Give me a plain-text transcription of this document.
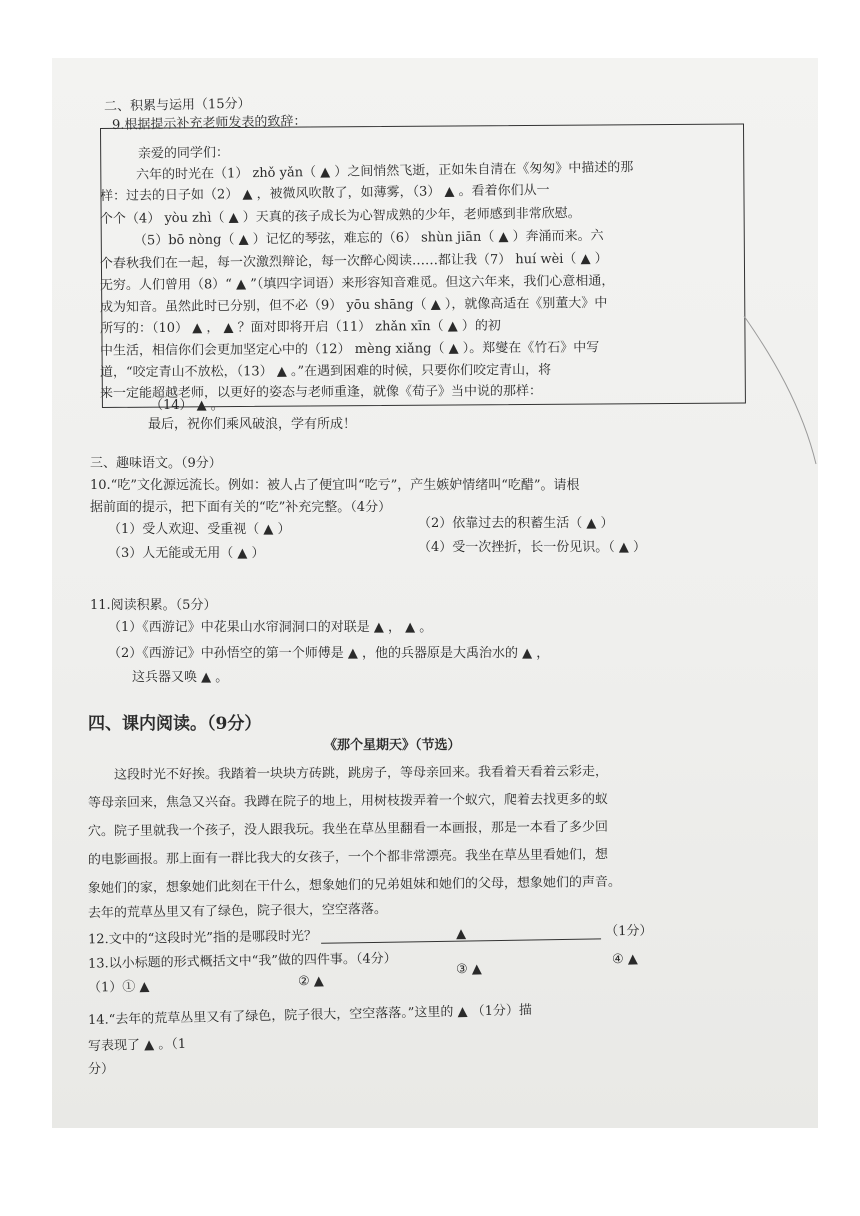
二、积累与运用（15分）
9.根据提示补充老师发表的致辞：
亲爱的同学们：
六年的时光在（1） zhǒ yǎn（ ▲ ）之间悄然飞逝，正如朱自清在《匆匆》中描述的那
样：过去的日子如（2） ▲ ，被微风吹散了，如薄雾，（3） ▲ 。看着你们从一
个个（4） yòu zhì（ ▲ ）天真的孩子成长为心智成熟的少年，老师感到非常欣慰。
（5）bō nòng（ ▲ ）记忆的琴弦，难忘的（6） shùn jiān（ ▲ ）奔涌而来。六
个春秋我们在一起，每一次激烈辩论，每一次醉心阅读……都让我（7） huí wèi（ ▲ ）
无穷。人们曾用（8）“ ▲ ”（填四字词语）来形容知音难觅。但这六年来，我们心意相通，
成为知音。虽然此时已分别，但不必（9） yōu shāng（ ▲ ），就像高适在《别董大》中
所写的：（10） ▲ ， ▲ ？面对即将开启（11） zhǎn xīn（ ▲ ）的初
中生活，相信你们会更加坚定心中的（12） mèng xiǎng（ ▲ ）。郑燮在《竹石》中写
道，“咬定青山不放松，（13） ▲ 。”在遇到困难的时候，只要你们咬定青山，将
来一定能超越老师，以更好的姿态与老师重逢，就像《荀子》当中说的那样：
（14） ▲ 。
最后，祝你们乘风破浪，学有所成！
三、趣味语文。（9分）
10.“吃”文化源远流长。例如：被人占了便宜叫“吃亏”，产生嫉妒情绪叫“吃醋”。请根
据前面的提示，把下面有关的“吃”补充完整。（4分）
（1）受人欢迎、受重视（ ▲ ）	（2）依靠过去的积蓄生活（ ▲ ）
（3）人无能或无用（ ▲ ）	（4）受一次挫折，长一份见识。（ ▲ ）
11.阅读积累。（5分）
（1）《西游记》中花果山水帘洞洞口的对联是 ▲ ， ▲ 。
（2）《西游记》中孙悟空的第一个师傅是 ▲ ，他的兵器原是大禹治水的 ▲ ，
这兵器又唤 ▲ 。
四、课内阅读。（9分）
《那个星期天》（节选）
这段时光不好挨。我踏着一块块方砖跳，跳房子，等母亲回来。我看着天看着云彩走，
等母亲回来，焦急又兴奋。我蹲在院子的地上，用树枝拨弄着一个蚁穴，爬着去找更多的蚁
穴。院子里就我一个孩子，没人跟我玩。我坐在草丛里翻看一本画报，那是一本看了多少回
的电影画报。那上面有一群比我大的女孩子，一个个都非常漂亮。我坐在草丛里看她们，想
象她们的家，想象她们此刻在干什么，想象她们的兄弟姐妹和她们的父母，想象她们的声音。
去年的荒草丛里又有了绿色，院子很大，空空落落。
12.文中的“这段时光”指的是哪段时光？	▲	（1分）
13.以小标题的形式概括文中“我”做的四件事。（4分）
（1）① ▲	② ▲
③ ▲
④ ▲
14.“去年的荒草丛里又有了绿色，院子很大，空空落落。”这里的 ▲ （1分）描
写表现了 ▲ 。（1
分）
